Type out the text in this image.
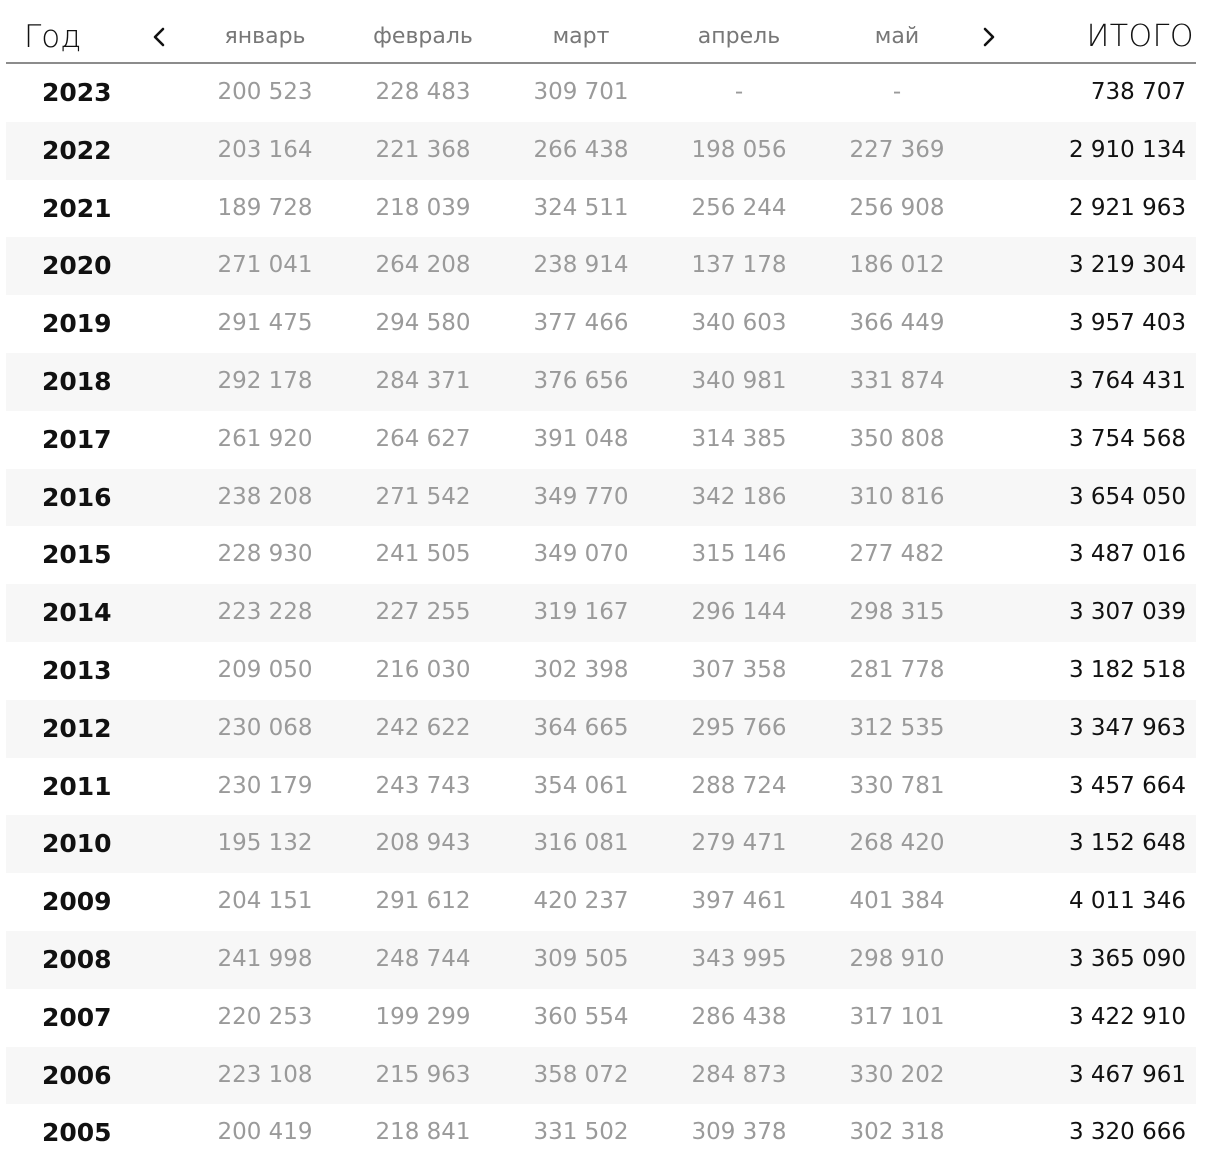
Год	январь	февраль	март	апрель	май	ИТОГО
2023	200 523	228 483	309 701	-	-	738 707
2022	203 164	221 368	266 438	198 056	227 369	2 910 134
2021	189 728	218 039	324 511	256 244	256 908	2 921 963
2020	271 041	264 208	238 914	137 178	186 012	3 219 304
2019	291 475	294 580	377 466	340 603	366 449	3 957 403
2018	292 178	284 371	376 656	340 981	331 874	3 764 431
2017	261 920	264 627	391 048	314 385	350 808	3 754 568
2016	238 208	271 542	349 770	342 186	310 816	3 654 050
2015	228 930	241 505	349 070	315 146	277 482	3 487 016
2014	223 228	227 255	319 167	296 144	298 315	3 307 039
2013	209 050	216 030	302 398	307 358	281 778	3 182 518
2012	230 068	242 622	364 665	295 766	312 535	3 347 963
2011	230 179	243 743	354 061	288 724	330 781	3 457 664
2010	195 132	208 943	316 081	279 471	268 420	3 152 648
2009	204 151	291 612	420 237	397 461	401 384	4 011 346
2008	241 998	248 744	309 505	343 995	298 910	3 365 090
2007	220 253	199 299	360 554	286 438	317 101	3 422 910
2006	223 108	215 963	358 072	284 873	330 202	3 467 961
2005	200 419	218 841	331 502	309 378	302 318	3 320 666
